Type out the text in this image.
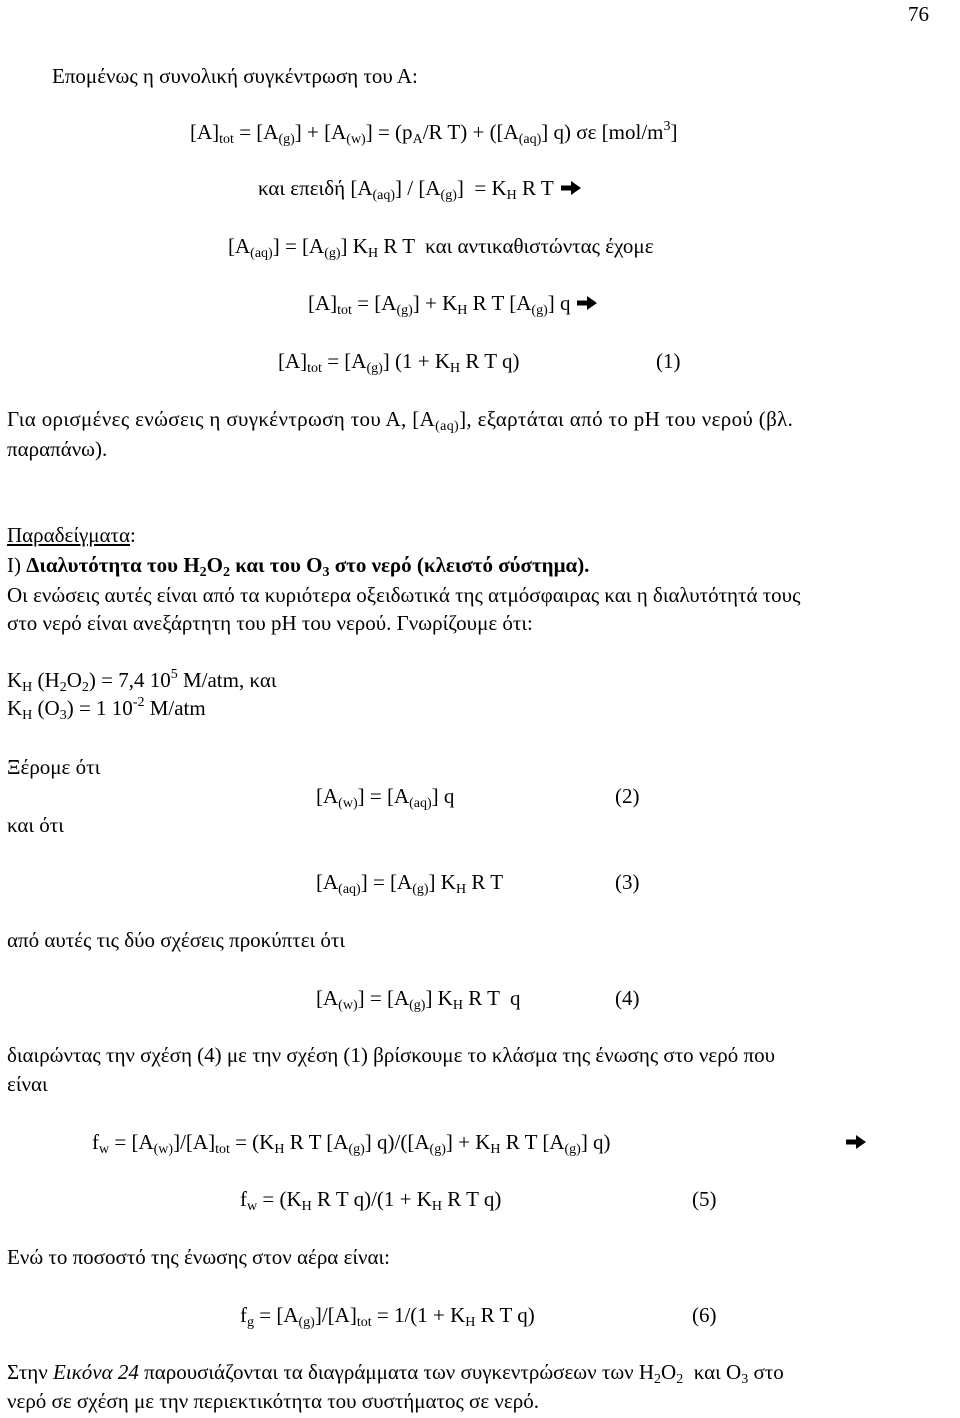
76
Επομένως η συνολική συγκέντρωση του Α:
$[A]_{tot} = [A_{(g)}] + [A_{(w)}] = (p_A/R$ $T) + ([A_{(aq)}]$ q) σε $[mol/m^3]$
και επειδή $[A_{(aq)}] / [A_{(g)}] = K_H$ R T
$[A_{(aq)}] = [A_{(g)}]$ $K_H$ R T  και αντικαθιστώντας έχομε
$[A]_{tot} = [A_{(g)}] + K_H$ R T $[A_{(g)}]$ q
$[A]_{tot} = [A_{(g)}] (1 + K_H$ R T q)	(1)
Για ορισμένες ενώσεις η συγκέντρωση του Α, $[A_{(aq)}]$, εξαρτάται από το pH του νερού (βλ.
παραπάνω).
Παραδείγματα:
Ι) Διαλυτότητα του $H_2O_2$ και του $O_3$ στο νερό (κλειστό σύστημα).
Οι ενώσεις αυτές είναι από τα κυριότερα οξειδωτικά της ατμόσφαιρας και η διαλυτότητά τους
στο νερό είναι ανεξάρτητη του pH του νερού. Γνωρίζουμε ότι:
$K_H$ $(H_2O_2) = 7,4$ $10^5$ M/atm, και
$K_H$ $(O_3) = 1$ $10^{-2}$ M/atm
Ξέρομε ότι
$[A_{(w)}] = [A_{(aq)}]$ q	(2)
και ότι
$[A_{(aq)}] = [A_{(g)}]$ $K_H$ R T	(3)
από αυτές τις δύο σχέσεις προκύπτει ότι
$[A_{(w)}] = [A_{(g)}]$ $K_H$ R T  q	(4)
διαιρώντας την σχέση (4) με την σχέση (1) βρίσκουμε το κλάσμα της ένωσης στο νερό που
είναι
$f_w = [A_{(w)}]/[A]_{tot} = (K_H$ R T $[A_{(g)}] q)/([A_{(g)}] + K_H$ R T $[A_{(g)}]$ q)
$f_w = (K_H$ R T $q)/(1 + K_H$ R T q)	(5)
Ενώ το ποσοστό της ένωσης στον αέρα είναι:
$f_g = [A_{(g)}]/[A]_{tot} = 1/(1 + K_H$ R T q)	(6)
Στην Εικόνα 24 παρουσιάζονται τα διαγράμματα των συγκεντρώσεων των $H_2O_2$ και $O_3$ στο
νερό σε σχέση με την περιεκτικότητα του συστήματος σε νερό.
